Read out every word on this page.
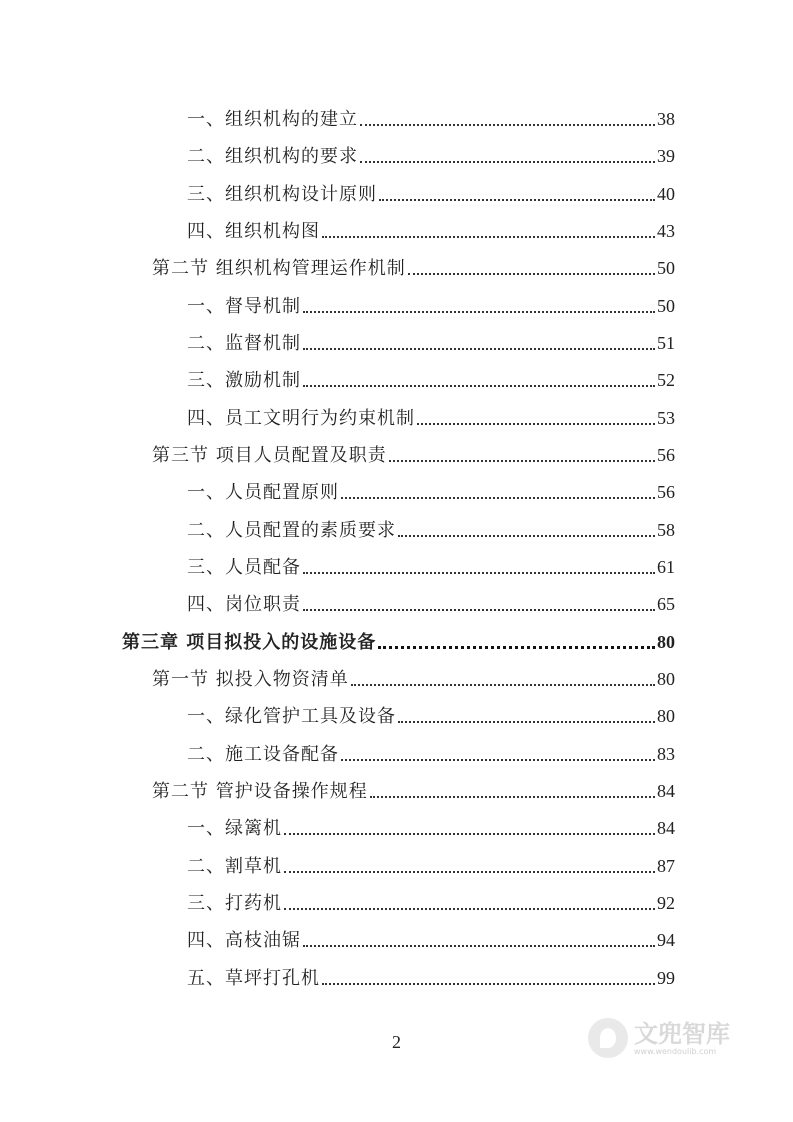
一、组织机构的建立	38
二、组织机构的要求	39
三、组织机构设计原则	40
四、组织机构图	43
第二节 组织机构管理运作机制	50
一、督导机制	50
二、监督机制	51
三、激励机制	52
四、员工文明行为约束机制	53
第三节 项目人员配置及职责	56
一、人员配置原则	56
二、人员配置的素质要求	58
三、人员配备	61
四、岗位职责	65
第三章 项目拟投入的设施设备	80
第一节 拟投入物资清单	80
一、绿化管护工具及设备	80
二、施工设备配备	83
第二节 管护设备操作规程	84
一、绿篱机	84
二、割草机	87
三、打药机	92
四、高枝油锯	94
五、草坪打孔机	99
2	文兜智库
www.wendoulib.com
